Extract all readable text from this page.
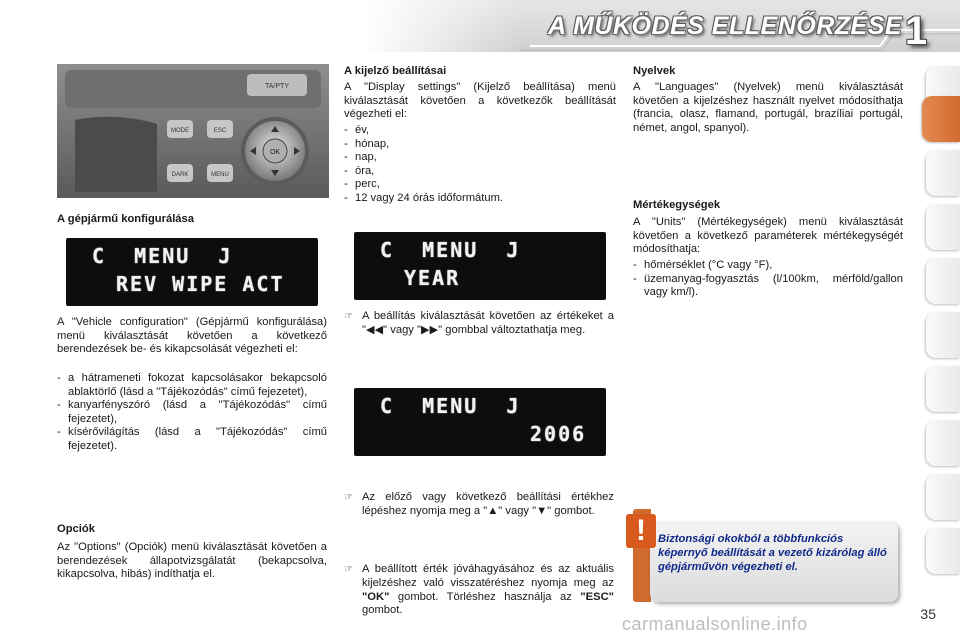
A MŰKÖDÉS ELLENŐRZÉSE 1
TA/PTY
MODE
DARK
ESC
MENU
OK
A gépjármű konfigurálása
C  MENU  J
REV WIPE ACT
A "Vehicle configuration" (Gépjármű konfigurálása) menü kiválasztását követően a következő berendezések be- és kikapcsolását végezheti el:
- a hátrameneti fokozat kapcsolásakor bekapcsoló ablaktörlő (lásd a "Tájékozódás" című fejezetet),
- kanyarfényszóró (lásd a "Tájékozódás" című fejezetet),
- kísérővilágítás (lásd a "Tájékozódás" című fejezetet).
Opciók
Az "Options" (Opciók) menü kiválasztását követően a berendezések állapotvizsgálatát (bekapcsolva, kikapcsolva, hibás) indíthatja el.
A kijelző beállításai
A "Display settings" (Kijelző beállítása) menü kiválasztását követően a következők beállítását végezheti el:
- év,
- hónap,
- nap,
- óra,
- perc,
- 12 vagy 24 órás időformátum.
C  MENU  J
YEAR
☞ A beállítás kiválasztását követően az értékeket a "◀◀" vagy "▶▶" gombbal változtathatja meg.
C  MENU  J
2006
☞ Az előző vagy következő beállítási értékhez lépéshez nyomja meg a "▲" vagy "▼" gombot.
☞ A beállított érték jóváhagyásához és az aktuális kijelzéshez való visszatéréshez nyomja meg az "OK" gombot. Törléshez használja az "ESC" gombot.
Nyelvek
A "Languages" (Nyelvek) menü kiválasztását követően a kijelzéshez használt nyelvet módosíthatja (francia, olasz, flamand, portugál, brazíliai portugál, német, angol, spanyol).
Mértékegységek
A "Units" (Mértékegységek) menü kiválasztását követően a következő paraméterek mértékegységét módosíthatja:
- hőmérséklet (°C vagy °F),
- üzemanyag-fogyasztás (l/100km, mérföld/gallon vagy km/l).
!	Biztonsági okokból a többfunkciós képernyő beállítását a vezető kizárólag álló gépjárművön végezheti el.
carmanualsonline.info	35
